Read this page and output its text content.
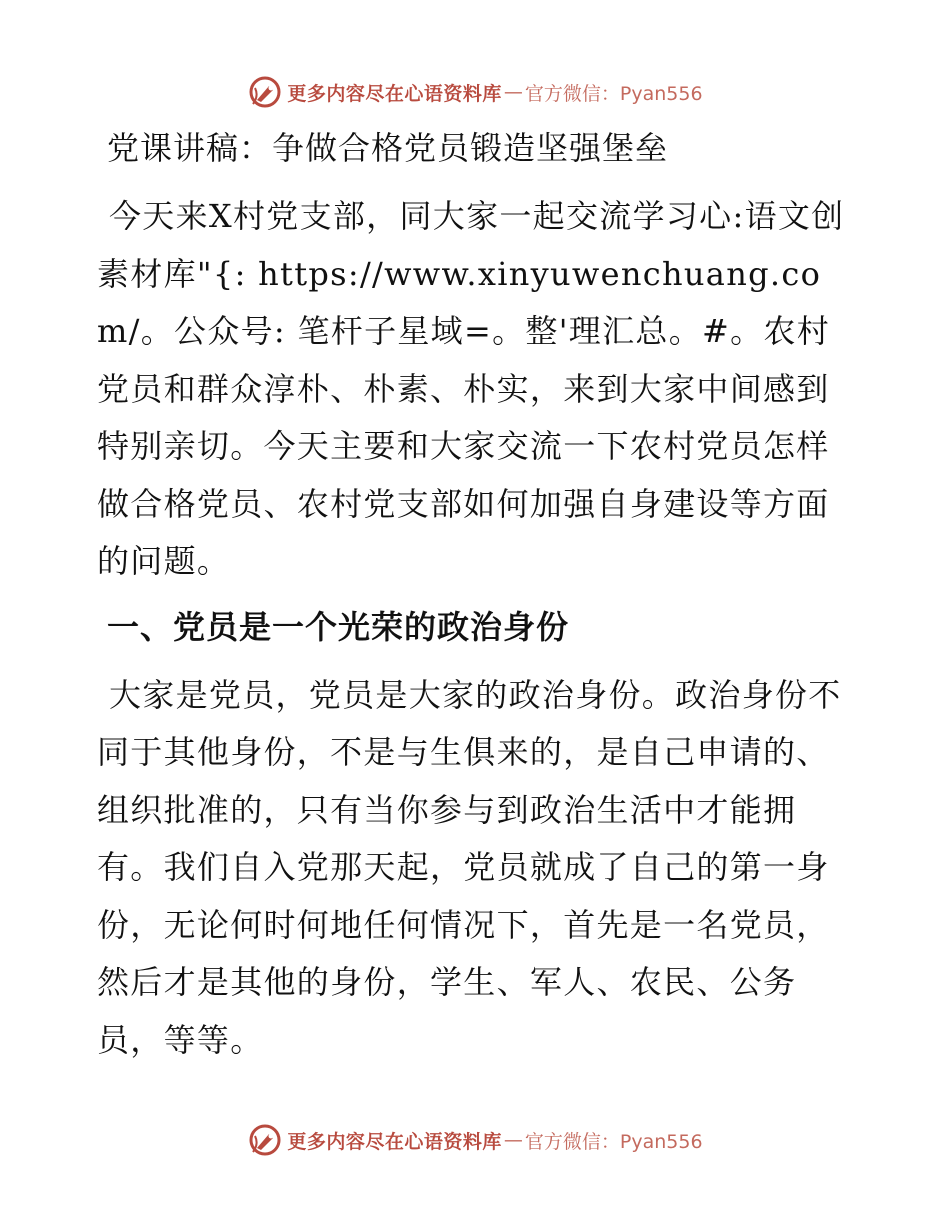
更多内容尽在心语资料库 — 官方微信：Pyan556
党课讲稿：争做合格党员锻造坚强堡垒

今天来X村党支部，同大家一起交流学习心:语文创素材库"{: https://www.xinyuwenchuang.com/。公众号: 笔杆子星域=。整'理汇总。#。农村党员和群众淳朴、朴素、朴实，来到大家中间感到特别亲切。今天主要和大家交流一下农村党员怎样做合格党员、农村党支部如何加强自身建设等方面的问题。

一、党员是一个光荣的政治身份

大家是党员，党员是大家的政治身份。政治身份不同于其他身份，不是与生俱来的，是自己申请的、组织批准的，只有当你参与到政治生活中才能拥有。我们自入党那天起，党员就成了自己的第一身份，无论何时何地任何情况下，首先是一名党员，然后才是其他的身份，学生、军人、农民、公务员，等等。

更多内容尽在心语资料库 — 官方微信：Pyan556
